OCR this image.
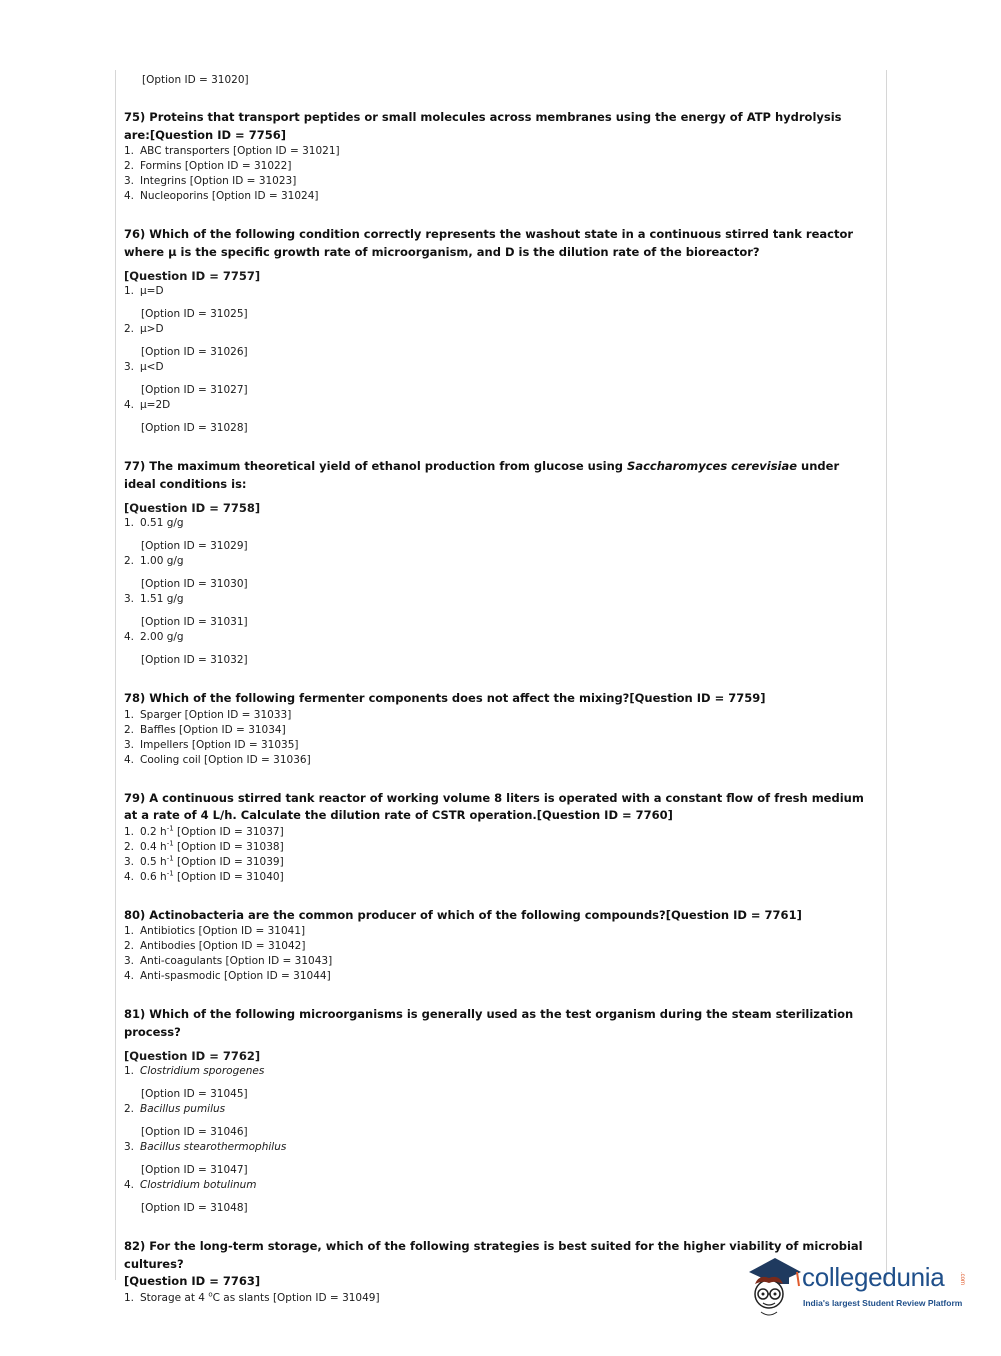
[Option ID = 31020]
75) Proteins that transport peptides or small molecules across membranes using the energy of ATP hydrolysis are:[Question ID = 7756]
1. ABC transporters [Option ID = 31021]
2. Formins [Option ID = 31022]
3. Integrins [Option ID = 31023]
4. Nucleoporins [Option ID = 31024]
76) Which of the following condition correctly represents the washout state in a continuous stirred tank reactor where μ is the specific growth rate of microorganism, and D is the dilution rate of the bioreactor?
[Question ID = 7757]
1. μ=D
[Option ID = 31025]
2. μ>D
[Option ID = 31026]
3. μ<D
[Option ID = 31027]
4. μ=2D
[Option ID = 31028]
77) The maximum theoretical yield of ethanol production from glucose using Saccharomyces cerevisiae under ideal conditions is:
[Question ID = 7758]
1. 0.51 g/g
[Option ID = 31029]
2. 1.00 g/g
[Option ID = 31030]
3. 1.51 g/g
[Option ID = 31031]
4. 2.00 g/g
[Option ID = 31032]
78) Which of the following fermenter components does not affect the mixing?[Question ID = 7759]
1. Sparger [Option ID = 31033]
2. Baffles [Option ID = 31034]
3. Impellers [Option ID = 31035]
4. Cooling coil [Option ID = 31036]
79) A continuous stirred tank reactor of working volume 8 liters is operated with a constant flow of fresh medium at a rate of 4 L/h. Calculate the dilution rate of CSTR operation.[Question ID = 7760]
1. 0.2 $h^{-1}$ [Option ID = 31037]
2. 0.4 $h^{-1}$ [Option ID = 31038]
3. 0.5 $h^{-1}$ [Option ID = 31039]
4. 0.6 $h^{-1}$ [Option ID = 31040]
80) Actinobacteria are the common producer of which of the following compounds?[Question ID = 7761]
1. Antibiotics [Option ID = 31041]
2. Antibodies [Option ID = 31042]
3. Anti-coagulants [Option ID = 31043]
4. Anti-spasmodic [Option ID = 31044]
81) Which of the following microorganisms is generally used as the test organism during the steam sterilization process?
[Question ID = 7762]
1. Clostridium sporogenes
[Option ID = 31045]
2. Bacillus pumilus
[Option ID = 31046]
3. Bacillus stearothermophilus
[Option ID = 31047]
4. Clostridium botulinum
[Option ID = 31048]
82) For the long-term storage, which of the following strategies is best suited for the higher viability of microbial cultures?
[Question ID = 7763]
1. Storage at 4 $^o$C as slants [Option ID = 31049]
collegedunia .com
India's largest Student Review Platform
